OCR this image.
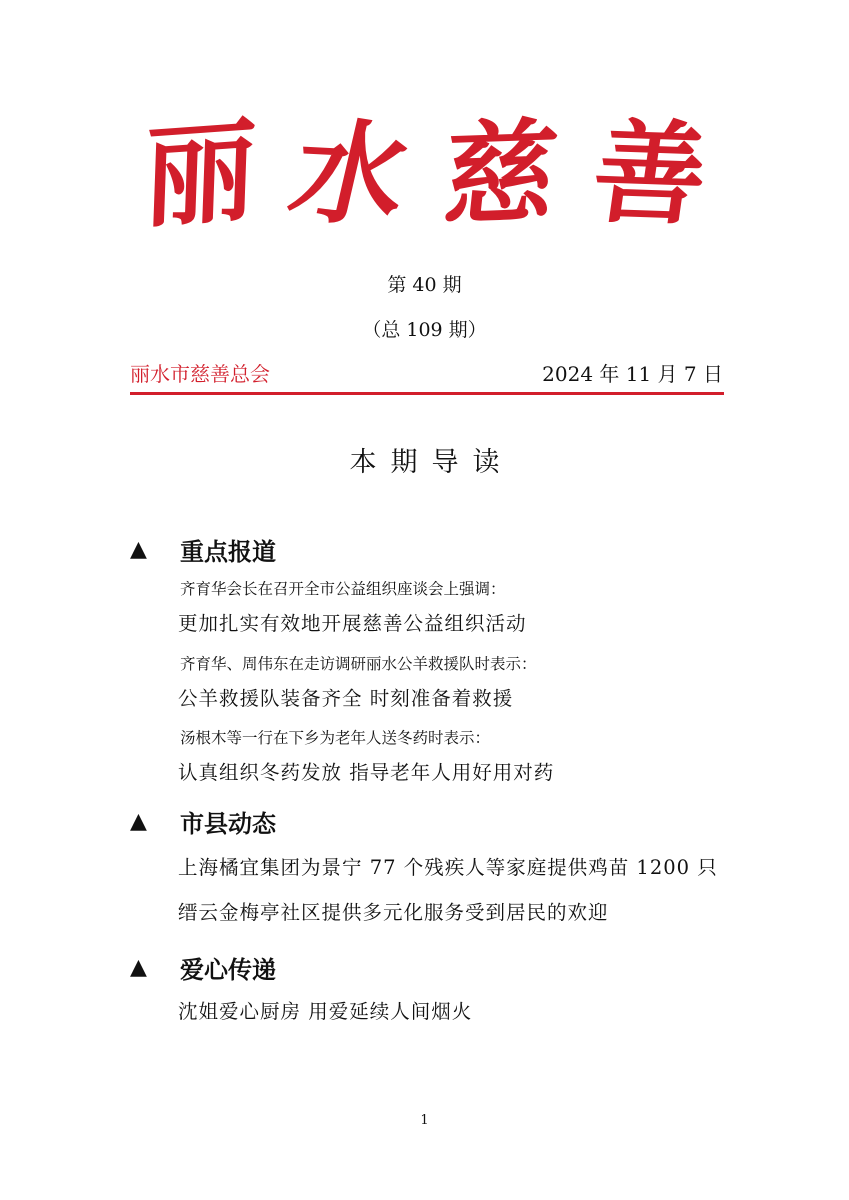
丽 水 慈 善
第 40 期
（总 109 期）
丽水市慈善总会	2024 年 11 月 7 日
本期导读
▲	重点报道
齐育华会长在召开全市公益组织座谈会上强调：
更加扎实有效地开展慈善公益组织活动
齐育华、周伟东在走访调研丽水公羊救援队时表示：
公羊救援队装备齐全 时刻准备着救援
汤根木等一行在下乡为老年人送冬药时表示：
认真组织冬药发放 指导老年人用好用对药
▲	市县动态
上海橘宜集团为景宁 77 个残疾人等家庭提供鸡苗 1200 只
缙云金梅亭社区提供多元化服务受到居民的欢迎
▲	爱心传递
沈姐爱心厨房 用爱延续人间烟火
1
